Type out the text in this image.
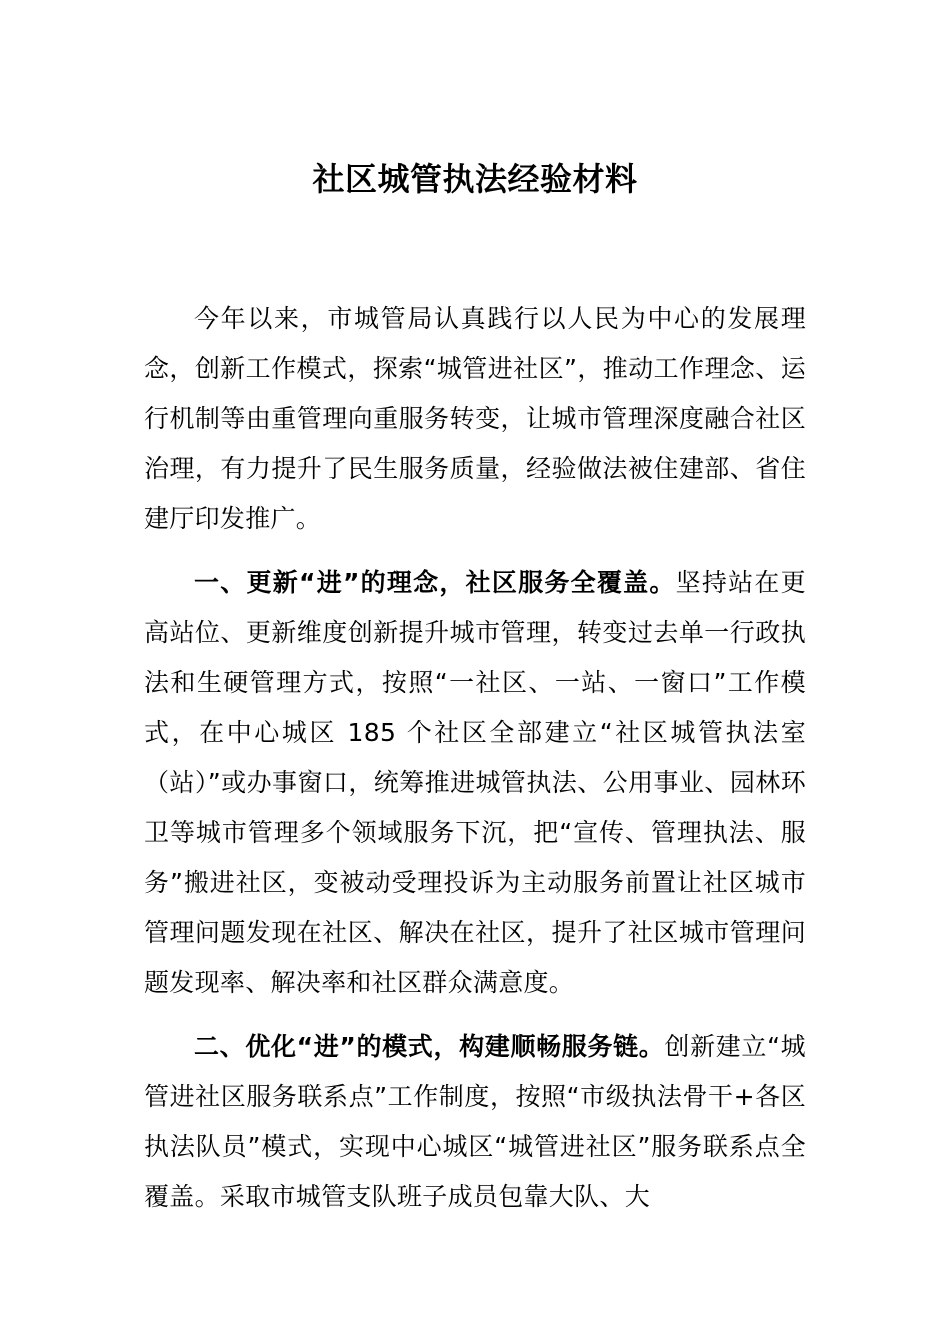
社区城管执法经验材料

今年以来，市城管局认真践行以人民为中心的发展理念，创新工作模式，探索“城管进社区”，推动工作理念、运行机制等由重管理向重服务转变，让城市管理深度融合社区治理，有力提升了民生服务质量，经验做法被住建部、省住建厅印发推广。

一、更新“进”的理念，社区服务全覆盖。坚持站在更高站位、更新维度创新提升城市管理，转变过去单一行政执法和生硬管理方式，按照“一社区、一站、一窗口”工作模式，在中心城区 185 个社区全部建立“社区城管执法室（站）”或办事窗口，统筹推进城管执法、公用事业、园林环卫等城市管理多个领域服务下沉，把“宣传、管理执法、服务”搬进社区，变被动受理投诉为主动服务前置让社区城市管理问题发现在社区、解决在社区，提升了社区城市管理问题发现率、解决率和社区群众满意度。

二、优化“进”的模式，构建顺畅服务链。创新建立“城管进社区服务联系点”工作制度，按照“市级执法骨干+各区执法队员”模式，实现中心城区“城管进社区”服务联系点全覆盖。采取市城管支队班子成员包靠大队、大
